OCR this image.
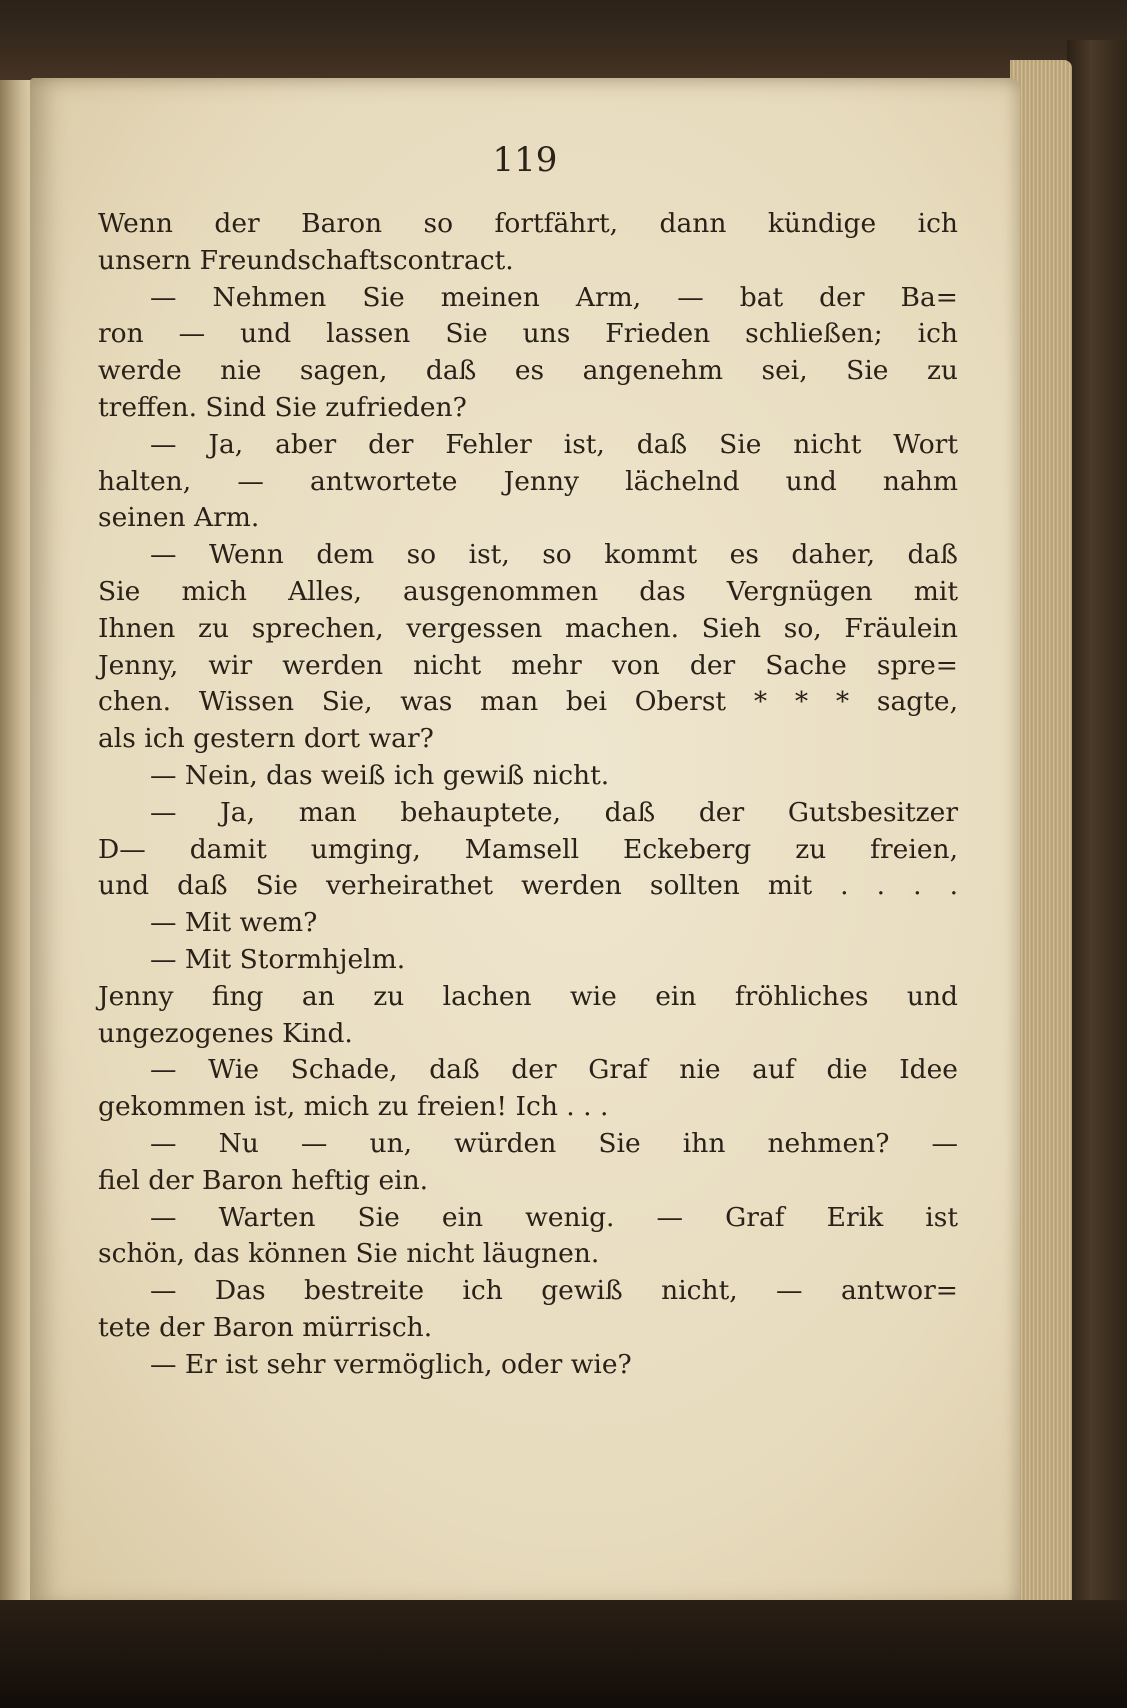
119
Wenn der Baron so fortfährt, dann kündige ich
unsern Freundschaftscontract.
— Nehmen Sie meinen Arm, — bat der Ba=
ron — und lassen Sie uns Frieden schließen; ich
werde nie sagen, daß es angenehm sei, Sie zu
treffen. Sind Sie zufrieden?
— Ja, aber der Fehler ist, daß Sie nicht Wort
halten, — antwortete Jenny lächelnd und nahm
seinen Arm.
— Wenn dem so ist, so kommt es daher, daß
Sie mich Alles, ausgenommen das Vergnügen mit
Ihnen zu sprechen, vergessen machen. Sieh so, Fräulein
Jenny, wir werden nicht mehr von der Sache spre=
chen. Wissen Sie, was man bei Oberst * * * sagte,
als ich gestern dort war?
— Nein, das weiß ich gewiß nicht.
— Ja, man behauptete, daß der Gutsbesitzer
D— damit umging, Mamsell Eckeberg zu freien,
und daß Sie verheirathet werden sollten mit . . . .
— Mit wem?
— Mit Stormhjelm.
Jenny fing an zu lachen wie ein fröhliches und
ungezogenes Kind.
— Wie Schade, daß der Graf nie auf die Idee
gekommen ist, mich zu freien! Ich . . .
— Nu — un, würden Sie ihn nehmen? —
fiel der Baron heftig ein.
— Warten Sie ein wenig. — Graf Erik ist
schön, das können Sie nicht läugnen.
— Das bestreite ich gewiß nicht, — antwor=
tete der Baron mürrisch.
— Er ist sehr vermöglich, oder wie?
